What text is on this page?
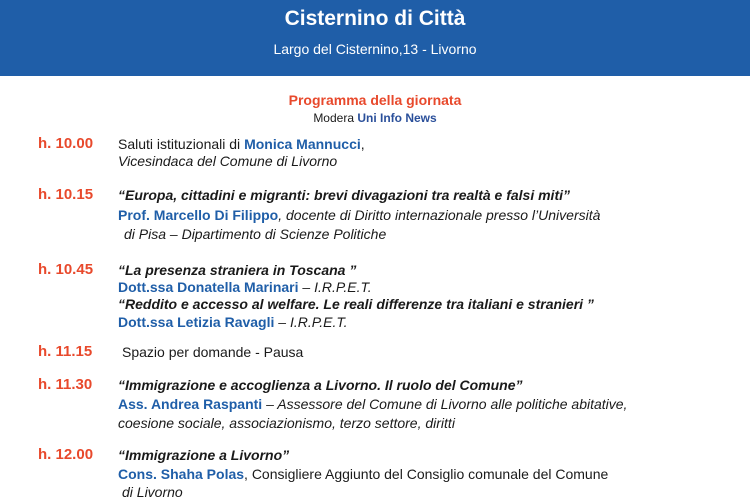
Cisternino di Città
Largo del Cisternino,13 - Livorno
Programma della giornata
Modera Uni Info News
h. 10.00 Saluti istituzionali di Monica Mannucci,
Vicesindaca del Comune di Livorno
h. 10.15 “Europa, cittadini e migranti: brevi divagazioni tra realtà e falsi miti”
Prof. Marcello Di Filippo, docente di Diritto internazionale presso l’Università
di Pisa – Dipartimento di Scienze Politiche
h. 10.45 “La presenza straniera in Toscana ”
Dott.ssa Donatella Marinari – I.R.P.E.T.
“Reddito e accesso al welfare. Le reali differenze tra italiani e stranieri ”
Dott.ssa Letizia Ravagli – I.R.P.E.T.
h. 11.15 Spazio per domande - Pausa
h. 11.30 “Immigrazione e accoglienza a Livorno. Il ruolo del Comune”
Ass. Andrea Raspanti – Assessore del Comune di Livorno alle politiche abitative,
coesione sociale, associazionismo, terzo settore, diritti
h. 12.00 “Immigrazione a Livorno”
Cons. Shaha Polas, Consigliere Aggiunto del Consiglio comunale del Comune
di Livorno
